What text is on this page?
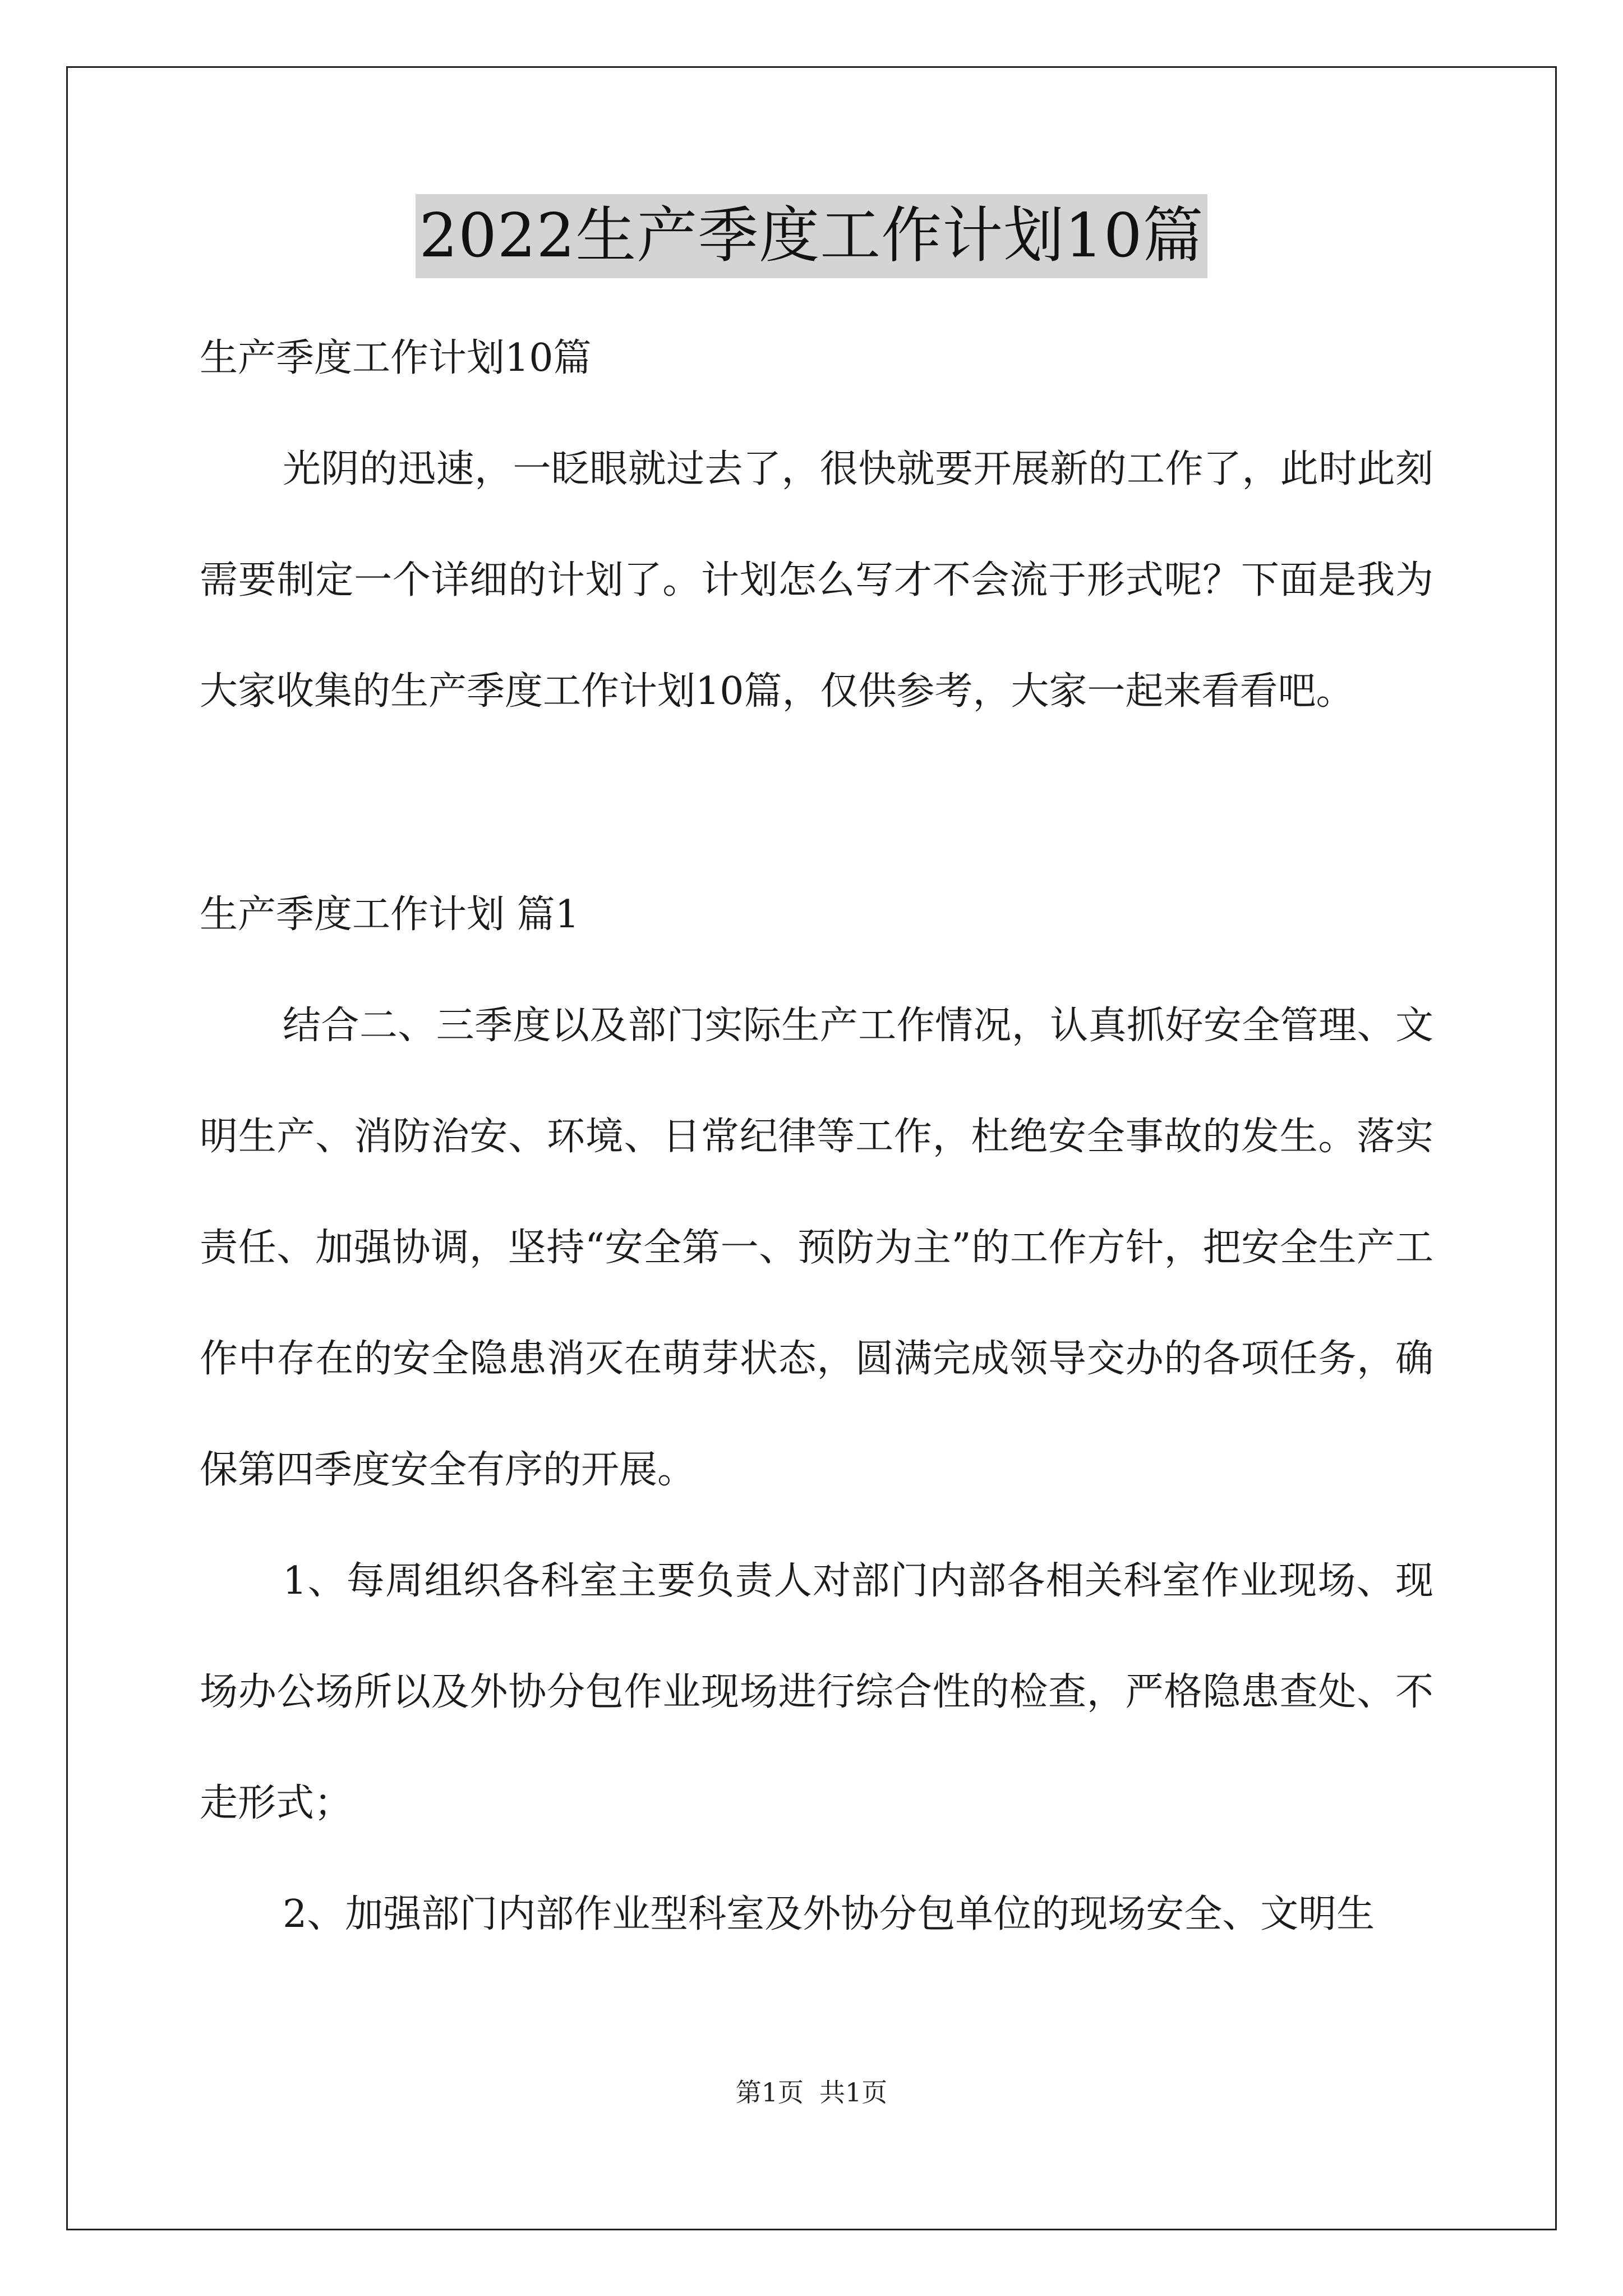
2022生产季度工作计划10篇

生产季度工作计划10篇

光阴的迅速，一眨眼就过去了，很快就要开展新的工作了，此时此刻需要制定一个详细的计划了。计划怎么写才不会流于形式呢？下面是我为大家收集的生产季度工作计划10篇，仅供参考，大家一起来看看吧。

生产季度工作计划 篇1

结合二、三季度以及部门实际生产工作情况，认真抓好安全管理、文明生产、消防治安、环境、日常纪律等工作，杜绝安全事故的发生。落实责任、加强协调，坚持“安全第一、预防为主”的工作方针，把安全生产工作中存在的安全隐患消灭在萌芽状态，圆满完成领导交办的各项任务，确保第四季度安全有序的开展。

1、每周组织各科室主要负责人对部门内部各相关科室作业现场、现场办公场所以及外协分包作业现场进行综合性的检查，严格隐患查处、不走形式；

2、加强部门内部作业型科室及外协分包单位的现场安全、文明生

第1页 共1页
